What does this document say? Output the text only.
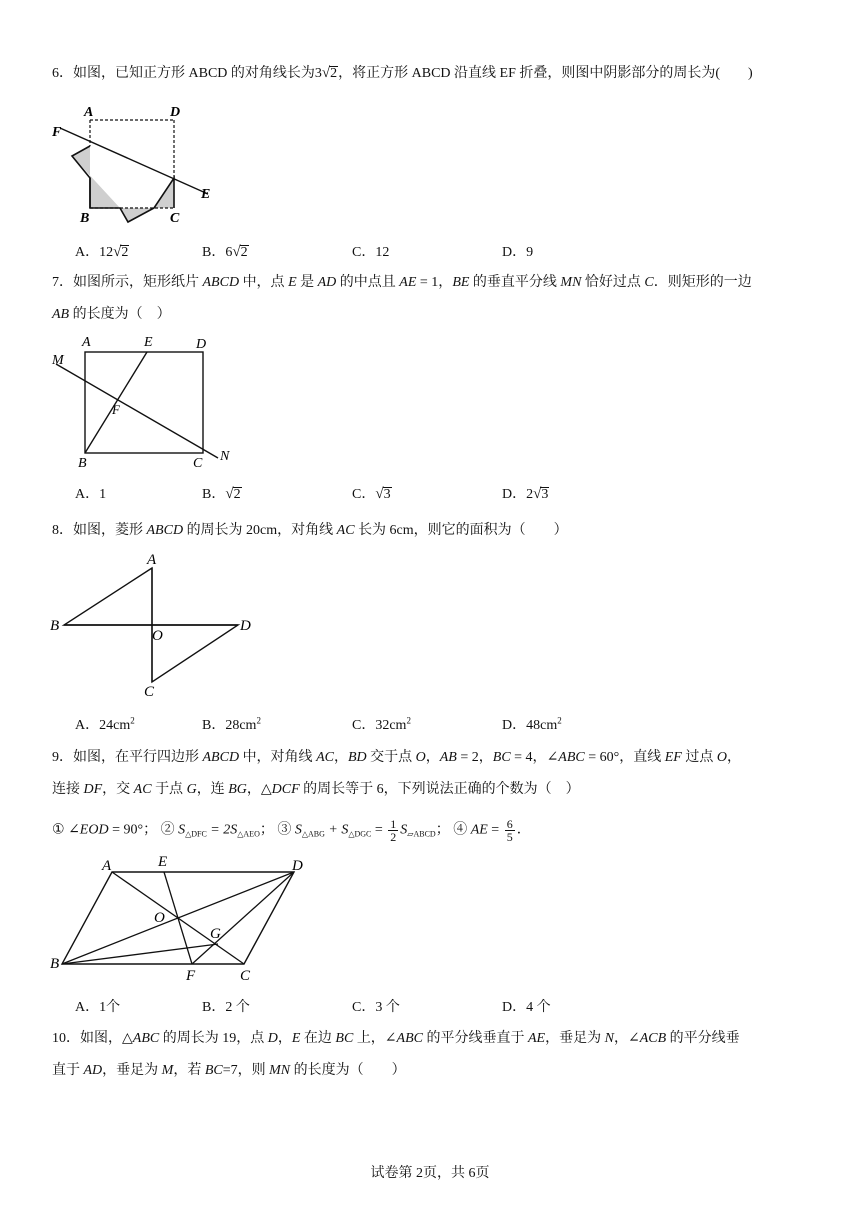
6．如图，已知正方形 ABCD 的对角线长为3√2，将正方形 ABCD 沿直线 EF 折叠，则图中阴影部分的周长为(　　)
A	D
F
E
B	C
A．12√2	B．6√2	C．12	D．9
7．如图所示，矩形纸片 ABCD 中，点 E 是 AD 的中点且 AE = 1，BE 的垂直平分线 MN 恰好过点 C．则矩形的一边
AB 的长度为（　）
A	E	D
M
F
B	C N
A．1	B．√2	C．√3	D．2√3
8．如图，菱形 ABCD 的周长为 20cm，对角线 AC 长为 6cm，则它的面积为（　　）
A
B
O
D
C
A．$24cm^2$	B．$28cm^2$	C．$32cm^2$	D．$48cm^2$
9．如图，在平行四边形 ABCD 中，对角线 AC，BD 交于点 O，AB = 2，BC = 4，∠ABC = 60°，直线 EF 过点 O，
连接 DF，交 AC 于点 G，连 BG，△DCF 的周长等于 6，下列说法正确的个数为（　）
① ∠EOD = 90°； ② $S_{\triangle DFC} = 2S_{\triangle AEO}$； ③ $S_{\triangle ABG} + S_{\triangle DGC} = \frac{1}{2} S_{▱ABCD}$； ④ AE = $\frac{6}{5}$ ．
A	E	D
O
G
B
F	C
A．1个	B．2 个	C．3 个	D．4 个
10．如图，△ABC 的周长为 19，点 D，E 在边 BC 上，∠ABC 的平分线垂直于 AE，垂足为 N，∠ACB 的平分线垂
直于 AD，垂足为 M，若 BC=7，则 MN 的长度为（　　）
试卷第 2页，共 6页
